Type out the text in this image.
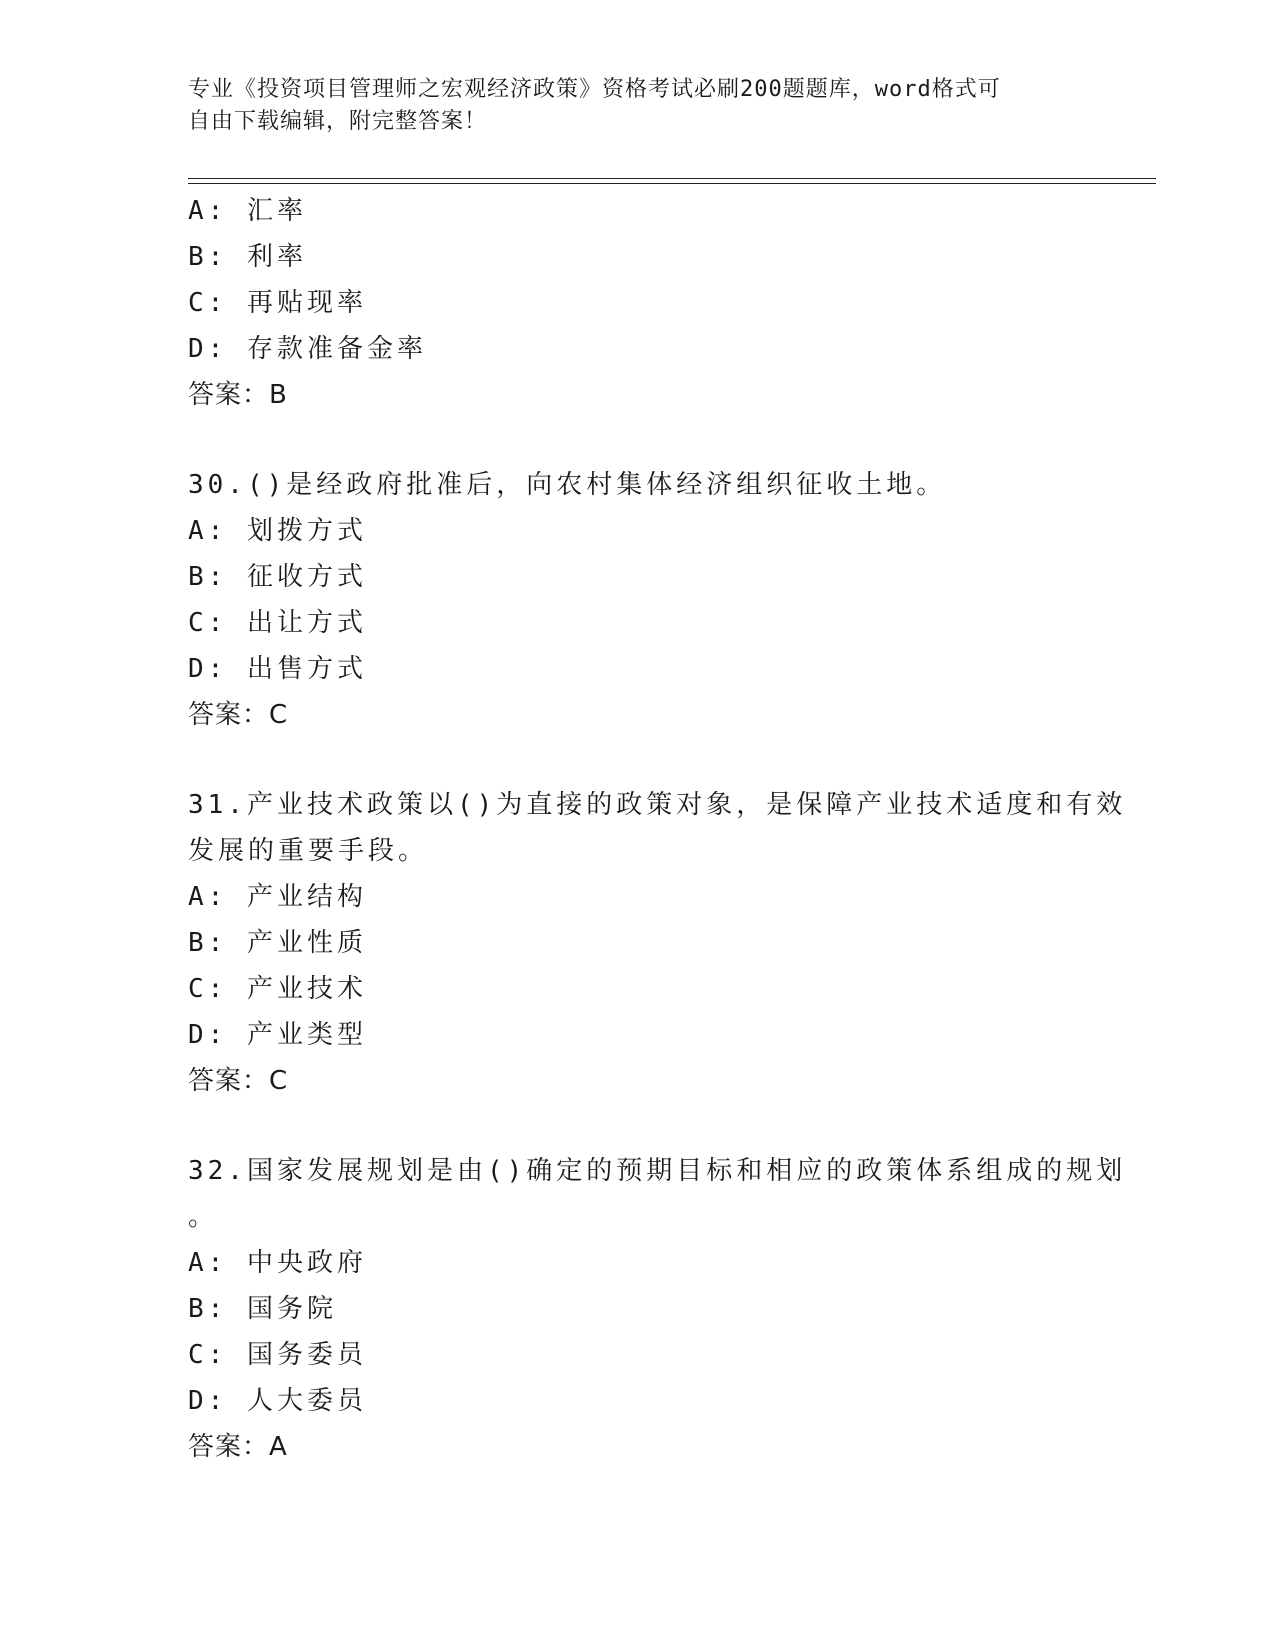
专业《投资项目管理师之宏观经济政策》资格考试必刷200题题库，word格式可
自由下载编辑，附完整答案！
A: 汇率
B: 利率
C: 再贴现率
D: 存款准备金率
答案：B
30.()是经政府批准后，向农村集体经济组织征收土地。
A: 划拨方式
B: 征收方式
C: 出让方式
D: 出售方式
答案：C
31.产业技术政策以()为直接的政策对象，是保障产业技术适度和有效
发展的重要手段。
A: 产业结构
B: 产业性质
C: 产业技术
D: 产业类型
答案：C
32.国家发展规划是由()确定的预期目标和相应的政策体系组成的规划
。
A: 中央政府
B: 国务院
C: 国务委员
D: 人大委员
答案：A
